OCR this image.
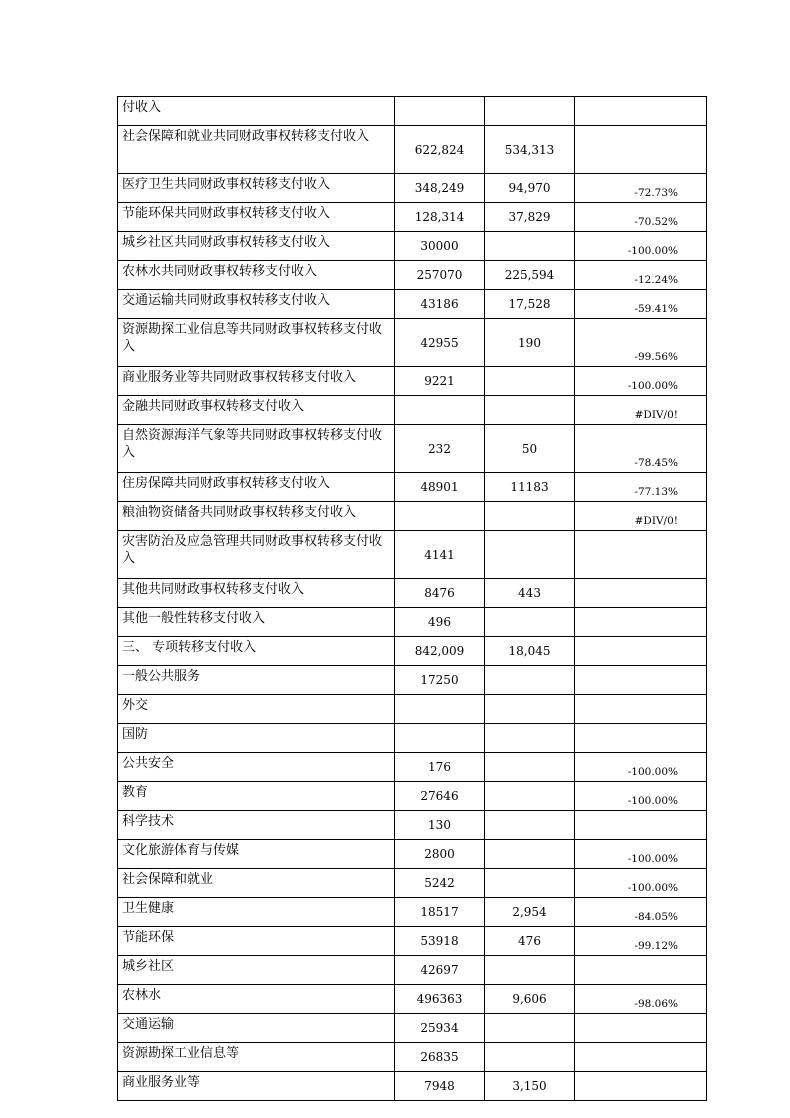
付收入			
社会保障和就业共同财政事权转移支付收入	622,824	534,313	
医疗卫生共同财政事权转移支付收入	348,249	94,970	-72.73%
节能环保共同财政事权转移支付收入	128,314	37,829	-70.52%
城乡社区共同财政事权转移支付收入	30000		-100.00%
农林水共同财政事权转移支付收入	257070	225,594	-12.24%
交通运输共同财政事权转移支付收入	43186	17,528	-59.41%
资源勘探工业信息等共同财政事权转移支付收入	42955	190	-99.56%
商业服务业等共同财政事权转移支付收入	9221		-100.00%
金融共同财政事权转移支付收入			#DIV/0!
自然资源海洋气象等共同财政事权转移支付收入	232	50	-78.45%
住房保障共同财政事权转移支付收入	48901	11183	-77.13%
粮油物资储备共同财政事权转移支付收入			#DIV/0!
灾害防治及应急管理共同财政事权转移支付收入	4141		
其他共同财政事权转移支付收入	8476	443	
其他一般性转移支付收入	496		
三、 专项转移支付收入	842,009	18,045	
一般公共服务	17250		
外交			
国防			
公共安全	176		-100.00%
教育	27646		-100.00%
科学技术	130		
文化旅游体育与传媒	2800		-100.00%
社会保障和就业	5242		-100.00%
卫生健康	18517	2,954	-84.05%
节能环保	53918	476	-99.12%
城乡社区	42697		
农林水	496363	9,606	-98.06%
交通运输	25934		
资源勘探工业信息等	26835		
商业服务业等	7948	3,150	
